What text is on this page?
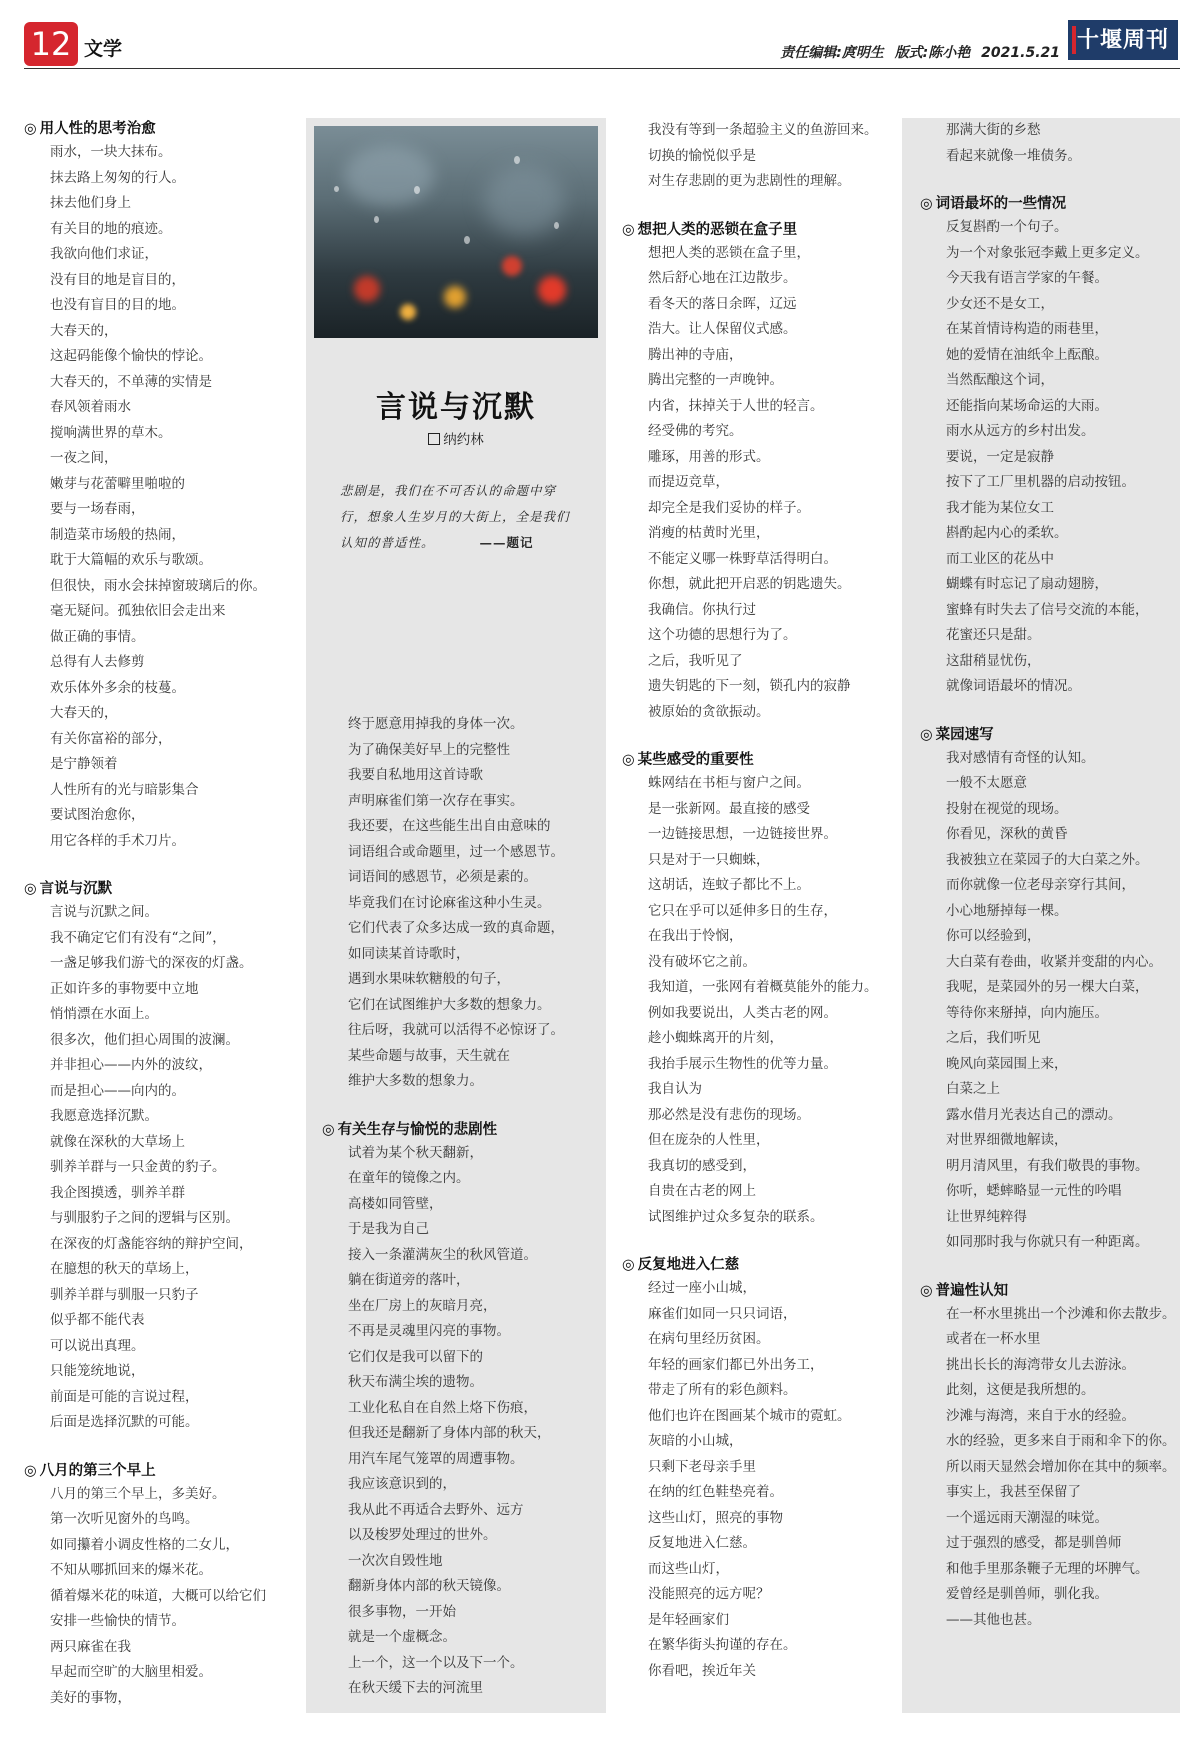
12 文学	责任编辑:庹明生 版式:陈小艳 2021.5.21 十堰周刊
言说与沉默
纳约林
悲剧是，我们在不可否认的命题中穿行，想象人生岁月的大街上，全是我们认知的普适性。	——题记
◎ 用人性的思考治愈
雨水，一块大抹布。
抹去路上匆匆的行人。
抹去他们身上
有关目的地的痕迹。
我欲向他们求证，
没有目的地是盲目的，
也没有盲目的目的地。
大春天的，
这起码能像个愉快的悖论。
大春天的，不单薄的实情是
春风领着雨水
搅响满世界的草木。
一夜之间，
嫩芽与花蕾噼里啪啦的
要与一场春雨，
制造菜市场般的热闹，
耽于大篇幅的欢乐与歌颂。
但很快，雨水会抹掉窗玻璃后的你。
毫无疑问。孤独依旧会走出来
做正确的事情。
总得有人去修剪
欢乐体外多余的枝蔓。
大春天的，
有关你富裕的部分，
是宁静领着
人性所有的光与暗影集合
要试图治愈你，
用它各样的手术刀片。
◎ 言说与沉默
言说与沉默之间。
我不确定它们有没有“之间”，
一盏足够我们游弋的深夜的灯盏。
正如许多的事物要中立地
悄悄漂在水面上。
很多次，他们担心周围的波澜。
并非担心——内外的波纹，
而是担心——向内的。
我愿意选择沉默。
就像在深秋的大草场上
驯养羊群与一只金黄的豹子。
我企图摸透，驯养羊群
与驯服豹子之间的逻辑与区别。
在深夜的灯盏能容纳的辩护空间，
在臆想的秋天的草场上，
驯养羊群与驯服一只豹子
似乎都不能代表
可以说出真理。
只能笼统地说，
前面是可能的言说过程，
后面是选择沉默的可能。
◎ 八月的第三个早上
八月的第三个早上，多美好。
第一次听见窗外的鸟鸣。
如同攥着小调皮性格的二女儿，
不知从哪抓回来的爆米花。
循着爆米花的味道，大概可以给它们
安排一些愉快的情节。
两只麻雀在我
早起而空旷的大脑里相爱。
美好的事物，
终于愿意用掉我的身体一次。
为了确保美好早上的完整性
我要自私地用这首诗歌
声明麻雀们第一次存在事实。
我还要，在这些能生出自由意味的
词语组合或命题里，过一个感恩节。
词语间的感恩节，必须是素的。
毕竟我们在讨论麻雀这种小生灵。
它们代表了众多达成一致的真命题，
如同读某首诗歌时，
遇到水果味软糖般的句子，
它们在试图维护大多数的想象力。
往后呀，我就可以活得不必惊讶了。
某些命题与故事，天生就在
维护大多数的想象力。
◎ 有关生存与愉悦的悲剧性
试着为某个秋天翻新，
在童年的镜像之内。
高楼如同管壁，
于是我为自己
接入一条灌满灰尘的秋风管道。
躺在街道旁的落叶，
坐在厂房上的灰暗月亮，
不再是灵魂里闪亮的事物。
它们仅是我可以留下的
秋天布满尘埃的遗物。
工业化私自在自然上烙下伤痕，
但我还是翻新了身体内部的秋天，
用汽车尾气笼罩的周遭事物。
我应该意识到的，
我从此不再适合去野外、远方
以及梭罗处理过的世外。
一次次自毁性地
翻新身体内部的秋天镜像。
很多事物，一开始
就是一个虚概念。
上一个，这一个以及下一个。
在秋天缓下去的河流里
我没有等到一条超验主义的鱼游回来。
切换的愉悦似乎是
对生存悲剧的更为悲剧性的理解。
◎ 想把人类的恶锁在盒子里
想把人类的恶锁在盒子里，
然后舒心地在江边散步。
看冬天的落日余晖，辽远
浩大。让人保留仪式感。
腾出神的寺庙，
腾出完整的一声晚钟。
内省，抹掉关于人世的轻言。
经受佛的考究。
雕琢，用善的形式。
而提迈竞草，
却完全是我们妥协的样子。
消瘦的枯黄时光里，
不能定义哪一株野草活得明白。
你想，就此把开启恶的钥匙遗失。
我确信。你执行过
这个功德的思想行为了。
之后，我听见了
遗失钥匙的下一刻，锁孔内的寂静
被原始的贪欲振动。
◎ 某些感受的重要性
蛛网结在书柜与窗户之间。
是一张新网。最直接的感受
一边链接思想，一边链接世界。
只是对于一只蜘蛛，
这胡话，连蚊子都比不上。
它只在乎可以延伸多日的生存，
在我出于怜悯，
没有破坏它之前。
我知道，一张网有着概莫能外的能力。
例如我要说出，人类古老的网。
趁小蜘蛛离开的片刻，
我抬手展示生物性的优等力量。
我自认为
那必然是没有悲伤的现场。
但在庞杂的人性里，
我真切的感受到，
自贵在古老的网上
试图维护过众多复杂的联系。
◎ 反复地进入仁慈
经过一座小山城，
麻雀们如同一只只词语，
在病句里经历贫困。
年轻的画家们都已外出务工，
带走了所有的彩色颜料。
他们也许在图画某个城市的霓虹。
灰暗的小山城，
只剩下老母亲手里
在纳的红色鞋垫亮着。
这些山灯，照亮的事物
反复地进入仁慈。
而这些山灯，
没能照亮的远方呢？
是年轻画家们
在繁华街头拘谨的存在。
你看吧，挨近年关
那满大街的乡愁
看起来就像一堆债务。
◎ 词语最坏的一些情况
反复斟酌一个句子。
为一个对象张冠李戴上更多定义。
今天我有语言学家的午餐。
少女还不是女工，
在某首情诗构造的雨巷里，
她的爱情在油纸伞上酝酿。
当然酝酿这个词，
还能指向某场命运的大雨。
雨水从远方的乡村出发。
要说，一定是寂静
按下了工厂里机器的启动按钮。
我才能为某位女工
斟酌起内心的柔软。
而工业区的花丛中
蝴蝶有时忘记了扇动翅膀，
蜜蜂有时失去了信号交流的本能，
花蜜还只是甜。
这甜稍显忧伤，
就像词语最坏的情况。
◎ 菜园速写
我对感情有奇怪的认知。
一般不太愿意
投射在视觉的现场。
你看见，深秋的黄昏
我被独立在菜园子的大白菜之外。
而你就像一位老母亲穿行其间，
小心地掰掉每一棵。
你可以经验到，
大白菜有卷曲，收紧并变甜的内心。
我呢，是菜园外的另一棵大白菜，
等待你来掰掉，向内施压。
之后，我们听见
晚风向菜园围上来，
白菜之上
露水借月光表达自己的漂动。
对世界细微地解读，
明月清风里，有我们敬畏的事物。
你听，蟋蟀略显一元性的吟唱
让世界纯粹得
如同那时我与你就只有一种距离。
◎ 普遍性认知
在一杯水里挑出一个沙滩和你去散步。
或者在一杯水里
挑出长长的海湾带女儿去游泳。
此刻，这便是我所想的。
沙滩与海湾，来自于水的经验。
水的经验，更多来自于雨和伞下的你。
所以雨天显然会增加你在其中的频率。
事实上，我甚至保留了
一个遥远雨天潮湿的味觉。
过于强烈的感受，都是驯兽师
和他手里那条鞭子无理的坏脾气。
爱曾经是驯兽师，驯化我。
——其他也甚。
